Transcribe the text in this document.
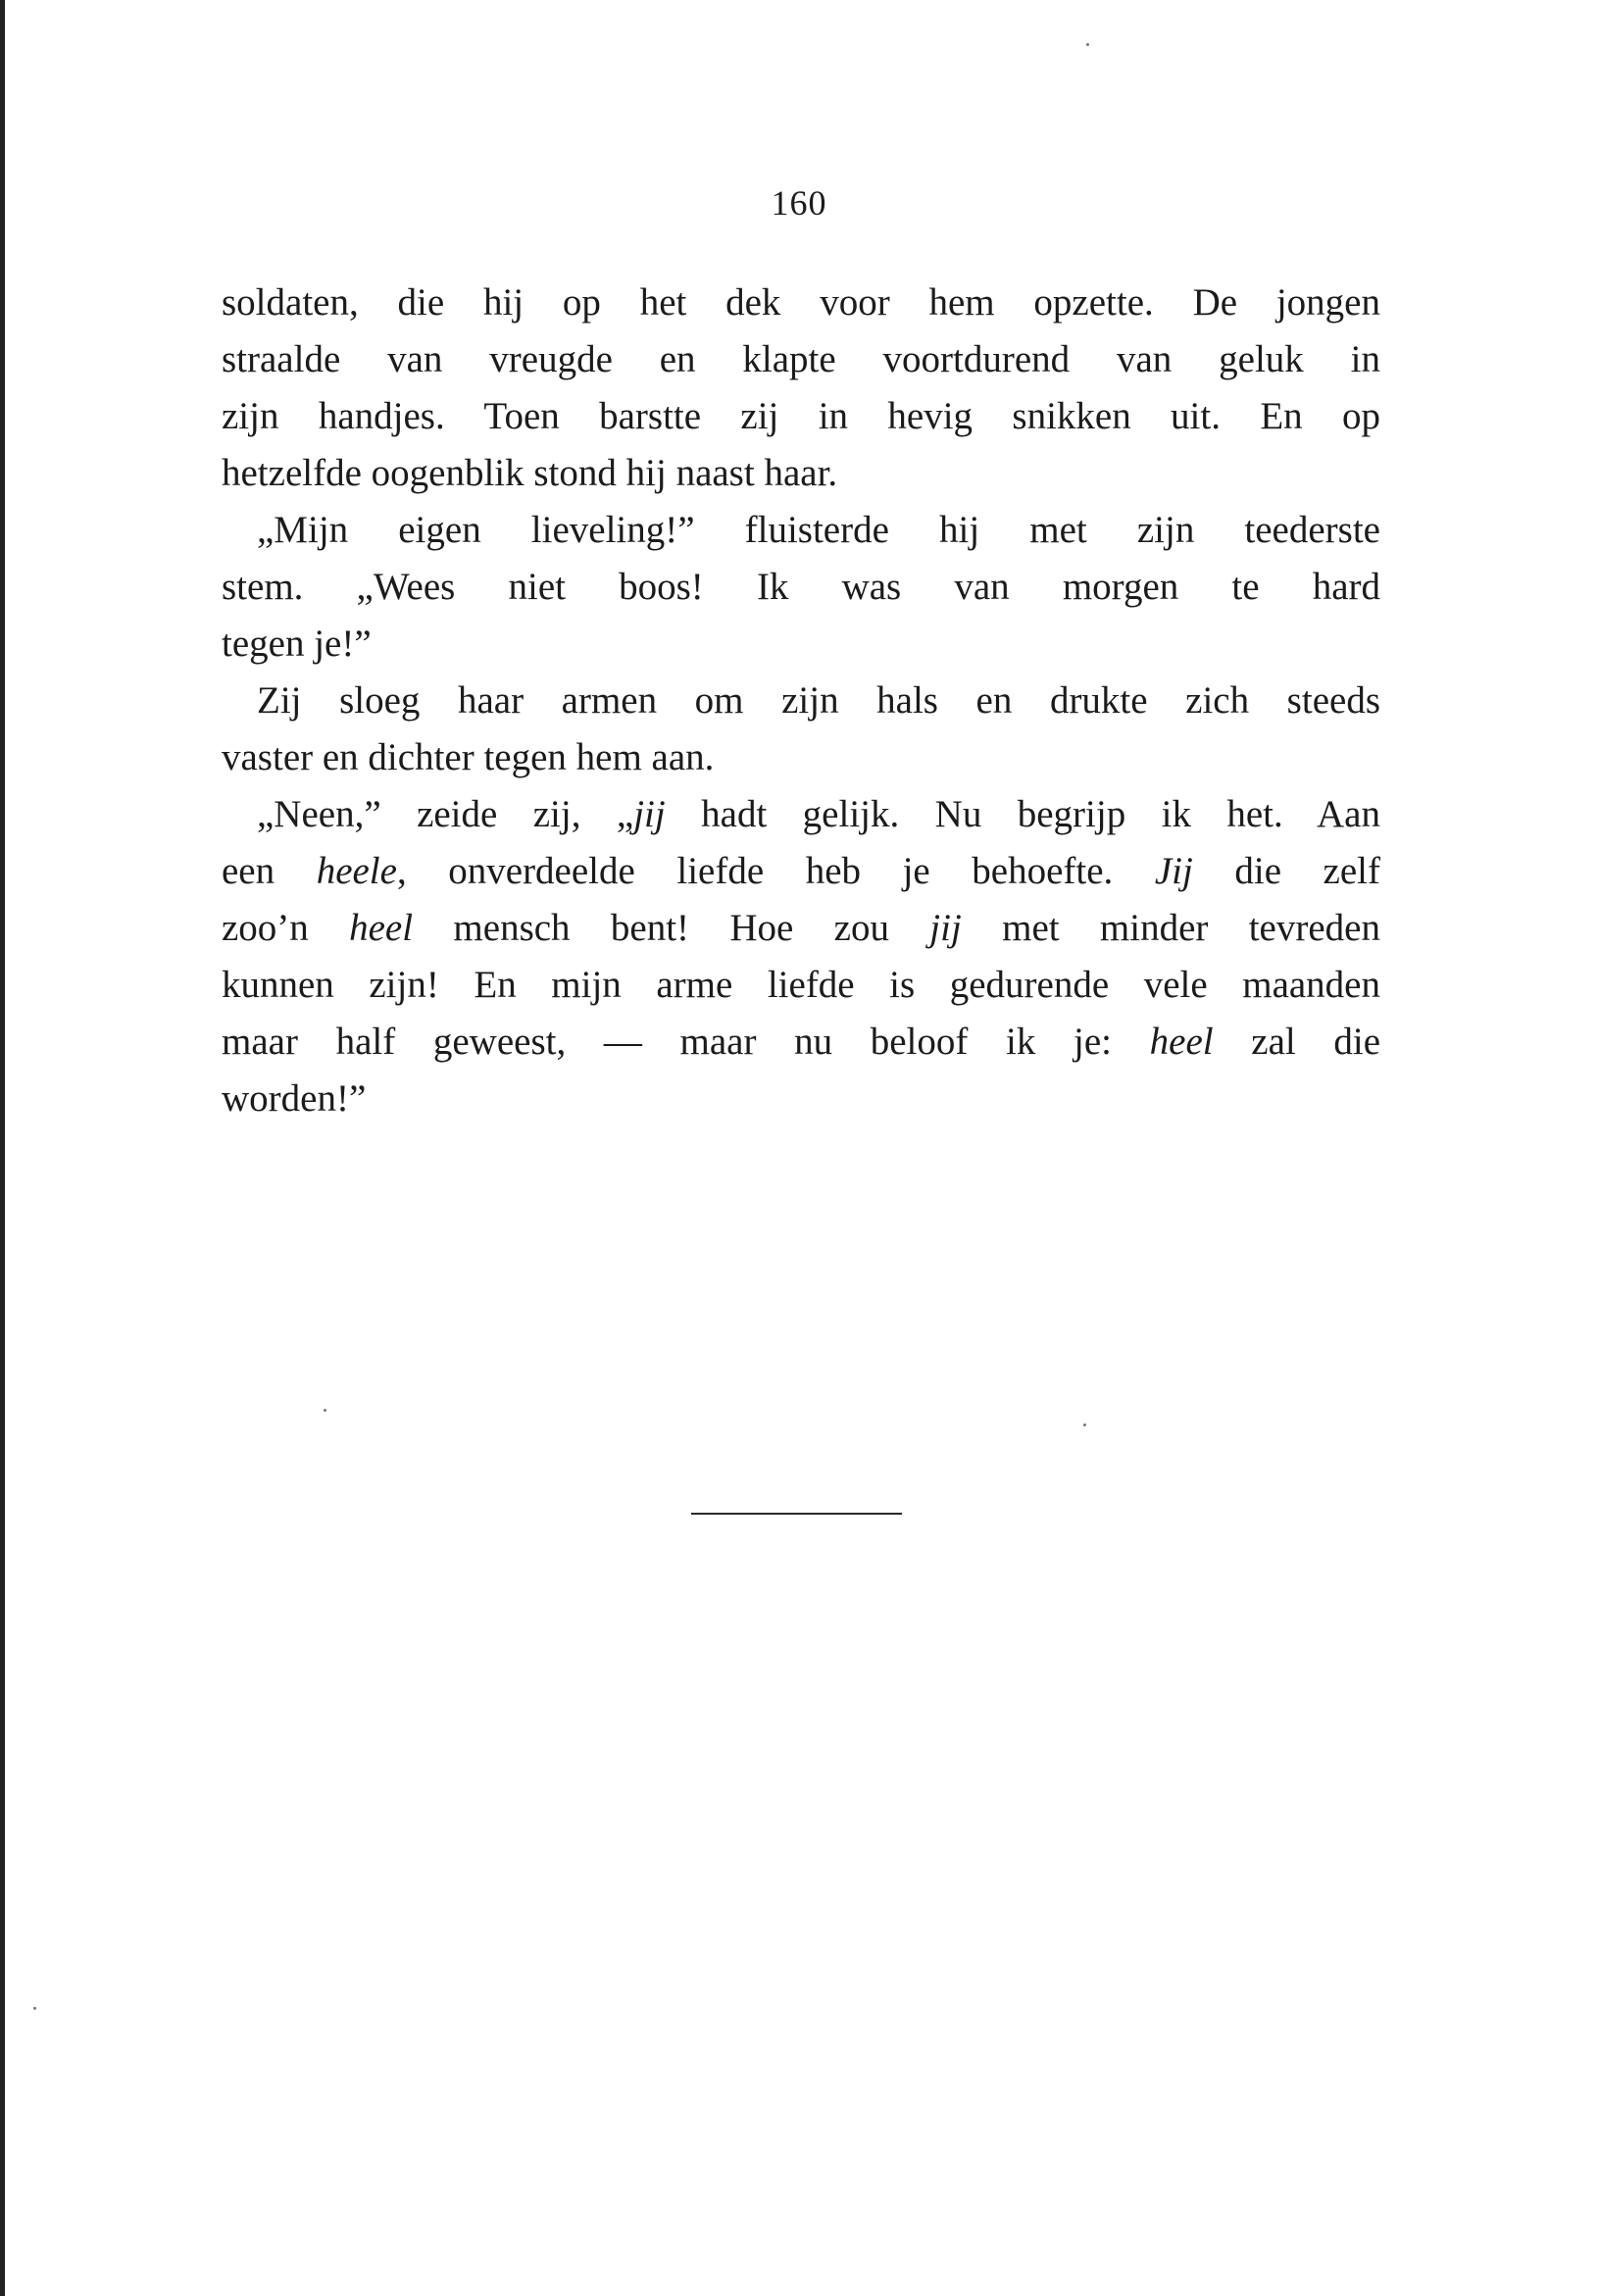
160
soldaten, die hij op het dek voor hem opzette. De jongen
straalde van vreugde en klapte voortdurend van geluk in
zijn handjes. Toen barstte zij in hevig snikken uit. En op
hetzelfde oogenblik stond hij naast haar.
„Mijn eigen lieveling!” fluisterde hij met zijn teederste
stem. „Wees niet boos! Ik was van morgen te hard
tegen je!”
Zij sloeg haar armen om zijn hals en drukte zich steeds
vaster en dichter tegen hem aan.
„Neen,” zeide zij, „jij hadt gelijk. Nu begrijp ik het. Aan
een heele, onverdeelde liefde heb je behoefte. Jij die zelf
zoo’n heel mensch bent! Hoe zou jij met minder tevreden
kunnen zijn! En mijn arme liefde is gedurende vele maanden
maar half geweest, — maar nu beloof ik je: heel zal die
worden!”
